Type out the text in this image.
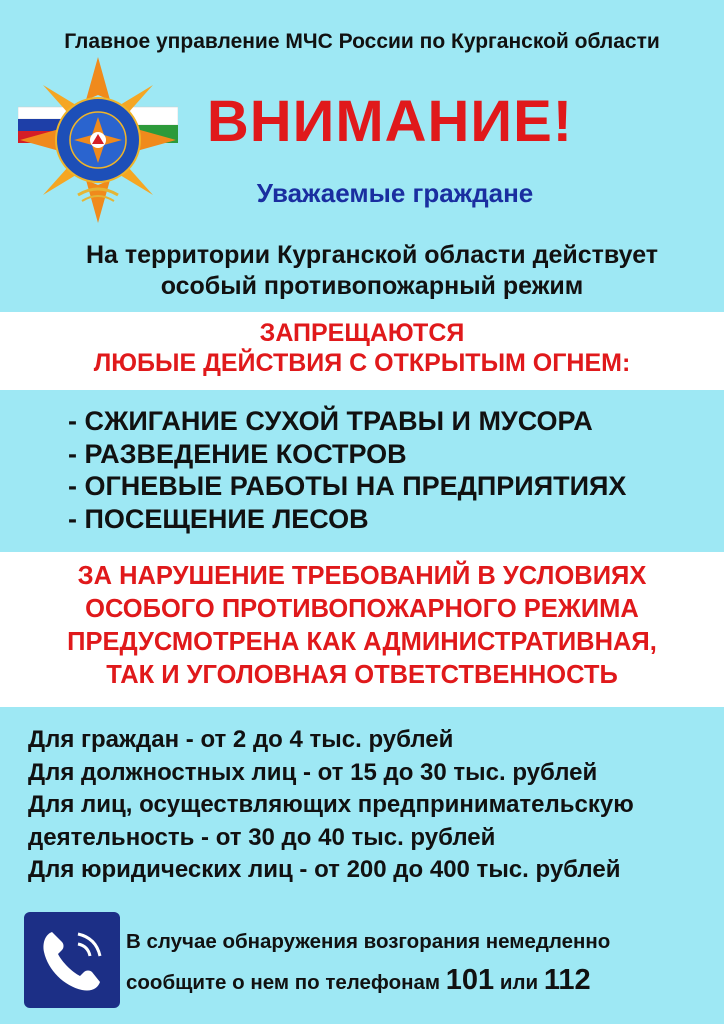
Главное управление МЧС России по Курганской области
ВНИМАНИЕ!
Уважаемые граждане
На территории Курганской области действует
особый противопожарный режим
ЗАПРЕЩАЮТСЯ
ЛЮБЫЕ ДЕЙСТВИЯ С ОТКРЫТЫМ ОГНЕМ:
- СЖИГАНИЕ СУХОЙ ТРАВЫ И МУСОРА
- РАЗВЕДЕНИЕ КОСТРОВ
- ОГНЕВЫЕ РАБОТЫ НА ПРЕДПРИЯТИЯХ
- ПОСЕЩЕНИЕ ЛЕСОВ
ЗА НАРУШЕНИЕ ТРЕБОВАНИЙ В УСЛОВИЯХ
ОСОБОГО ПРОТИВОПОЖАРНОГО РЕЖИМА
ПРЕДУСМОТРЕНА КАК АДМИНИСТРАТИВНАЯ,
ТАК И УГОЛОВНАЯ ОТВЕТСТВЕННОСТЬ
Для граждан - от 2 до 4 тыс. рублей
Для должностных лиц - от 15 до 30 тыс. рублей
Для лиц, осуществляющих предпринимательскую
деятельность - от 30 до 40 тыс. рублей
Для юридических лиц - от 200 до 400 тыс. рублей
В случае обнаружения возгорания немедленно
сообщите о нем по телефонам 101 или 112
